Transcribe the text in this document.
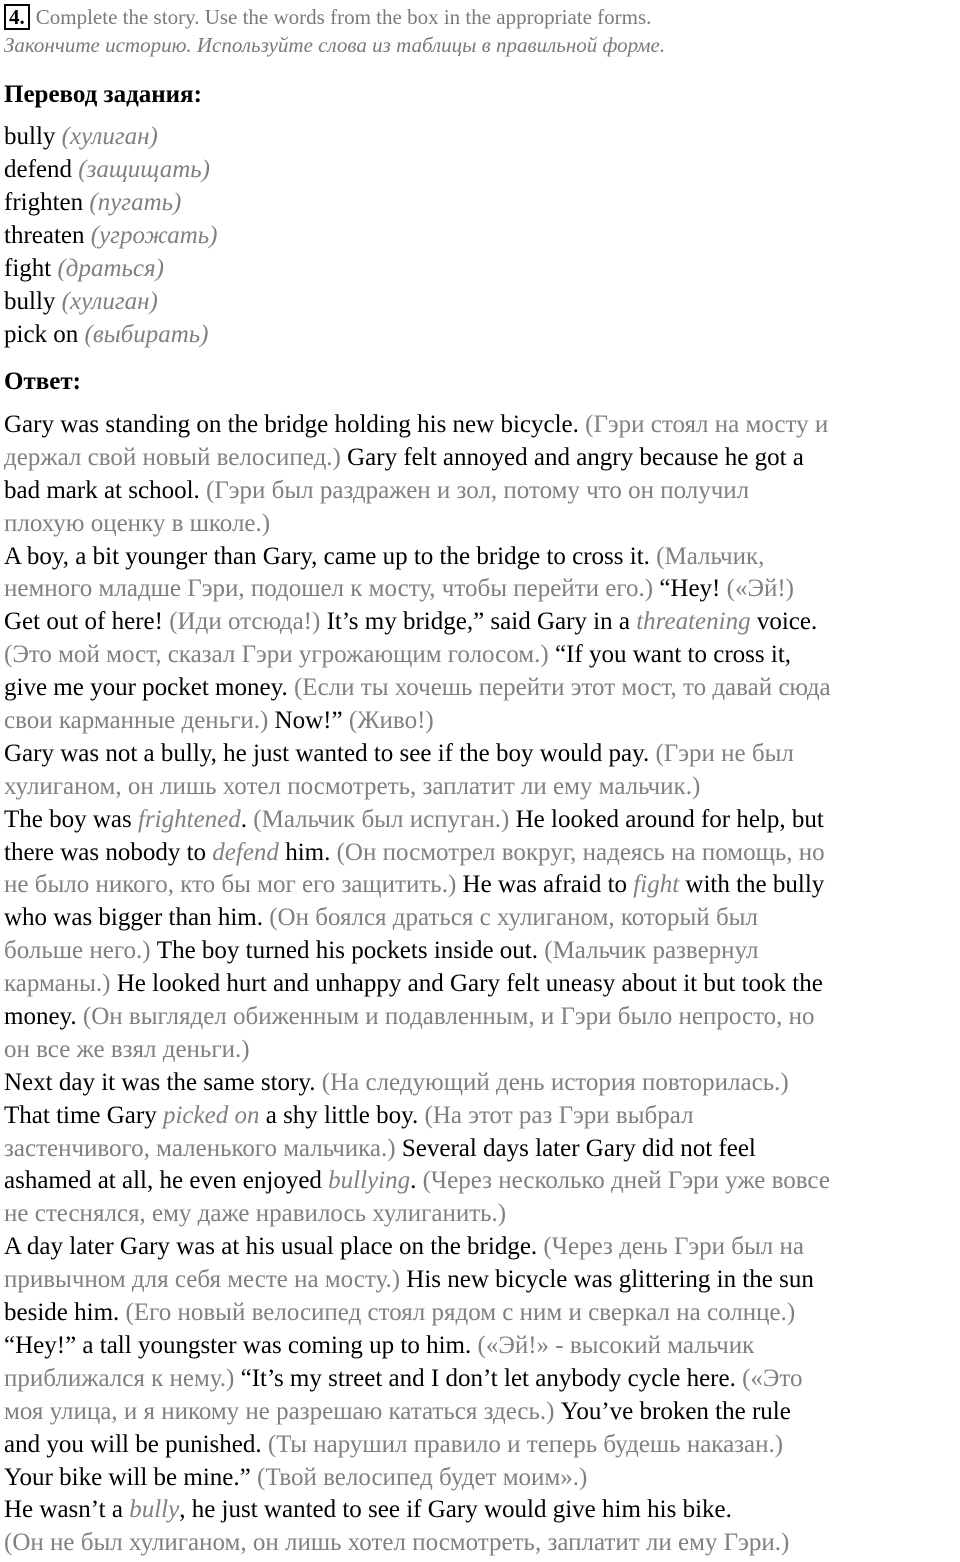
4. Complete the story. Use the words from the box in the appropriate forms.
Закончите историю. Используйте слова из таблицы в правильной форме.
Перевод задания:
bully (хулиган)
defend (защищать)
frighten (пугать)
threaten (угрожать)
fight (драться)
bully (хулиган)
pick on (выбирать)
Ответ:
Gary was standing on the bridge holding his new bicycle. (Гэри стоял на мосту и
держал свой новый велосипед.) Gary felt annoyed and angry because he got a
bad mark at school. (Гэри был раздражен и зол, потому что он получил
плохую оценку в школе.)
A boy, a bit younger than Gary, came up to the bridge to cross it. (Мальчик,
немного младше Гэри, подошел к мосту, чтобы перейти его.) “Hey! («Эй!)
Get out of here! (Иди отсюда!) It’s my bridge,” said Gary in a threatening voice.
(Это мой мост, сказал Гэри угрожающим голосом.) “If you want to cross it,
give me your pocket money. (Если ты хочешь перейти этот мост, то давай сюда
свои карманные деньги.) Now!” (Живо!)
Gary was not a bully, he just wanted to see if the boy would pay. (Гэри не был
хулиганом, он лишь хотел посмотреть, заплатит ли ему мальчик.)
The boy was frightened. (Мальчик был испуган.) He looked around for help, but
there was nobody to defend him. (Он посмотрел вокруг, надеясь на помощь, но
не было никого, кто бы мог его защитить.) He was afraid to fight with the bully
who was bigger than him. (Он боялся драться с хулиганом, который был
больше него.) The boy turned his pockets inside out. (Мальчик развернул
карманы.) He looked hurt and unhappy and Gary felt uneasy about it but took the
money. (Он выглядел обиженным и подавленным, и Гэри было непросто, но
он все же взял деньги.)
Next day it was the same story. (На следующий день история повторилась.)
That time Gary picked on a shy little boy. (На этот раз Гэри выбрал
застенчивого, маленького мальчика.) Several days later Gary did not feel
ashamed at all, he even enjoyed bullying. (Через несколько дней Гэри уже вовсе
не стеснялся, ему даже нравилось хулиганить.)
A day later Gary was at his usual place on the bridge. (Через день Гэри был на
привычном для себя месте на мосту.) His new bicycle was glittering in the sun
beside him. (Его новый велосипед стоял рядом с ним и сверкал на солнце.)
“Hey!” a tall youngster was coming up to him. («Эй!» - высокий мальчик
приближался к нему.) “It’s my street and I don’t let anybody cycle here. («Это
моя улица, и я никому не разрешаю кататься здесь.) You’ve broken the rule
and you will be punished. (Ты нарушил правило и теперь будешь наказан.)
Your bike will be mine.” (Твой велосипед будет моим».)
He wasn’t a bully, he just wanted to see if Gary would give him his bike.
(Он не был хулиганом, он лишь хотел посмотреть, заплатит ли ему Гэри.)
